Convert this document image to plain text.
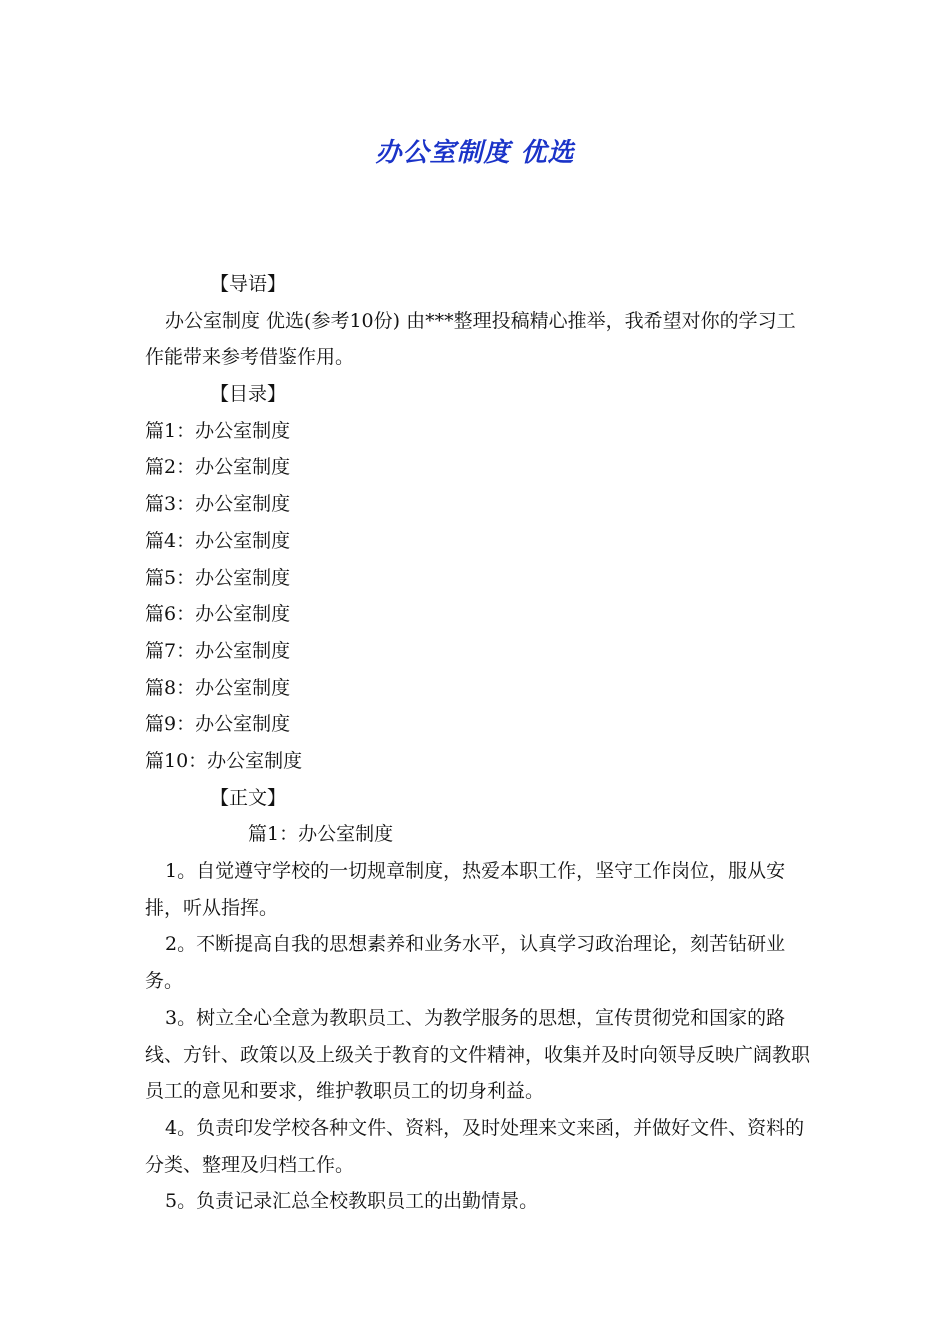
办公室制度 优选
【导语】
办公室制度 优选(参考10份) 由***整理投稿精心推举，我希望对你的学习工作能带来参考借鉴作用。
【目录】
篇1：办公室制度
篇2：办公室制度
篇3：办公室制度
篇4：办公室制度
篇5：办公室制度
篇6：办公室制度
篇7：办公室制度
篇8：办公室制度
篇9：办公室制度
篇10：办公室制度
【正文】
篇1：办公室制度
1。自觉遵守学校的一切规章制度，热爱本职工作，坚守工作岗位，服从安排，听从指挥。
2。不断提高自我的思想素养和业务水平，认真学习政治理论，刻苦钻研业务。
3。树立全心全意为教职员工、为教学服务的思想，宣传贯彻党和国家的路线、方针、政策以及上级关于教育的文件精神，收集并及时向领导反映广阔教职员工的意见和要求，维护教职员工的切身利益。
4。负责印发学校各种文件、资料，及时处理来文来函，并做好文件、资料的分类、整理及归档工作。
5。负责记录汇总全校教职员工的出勤情景。
